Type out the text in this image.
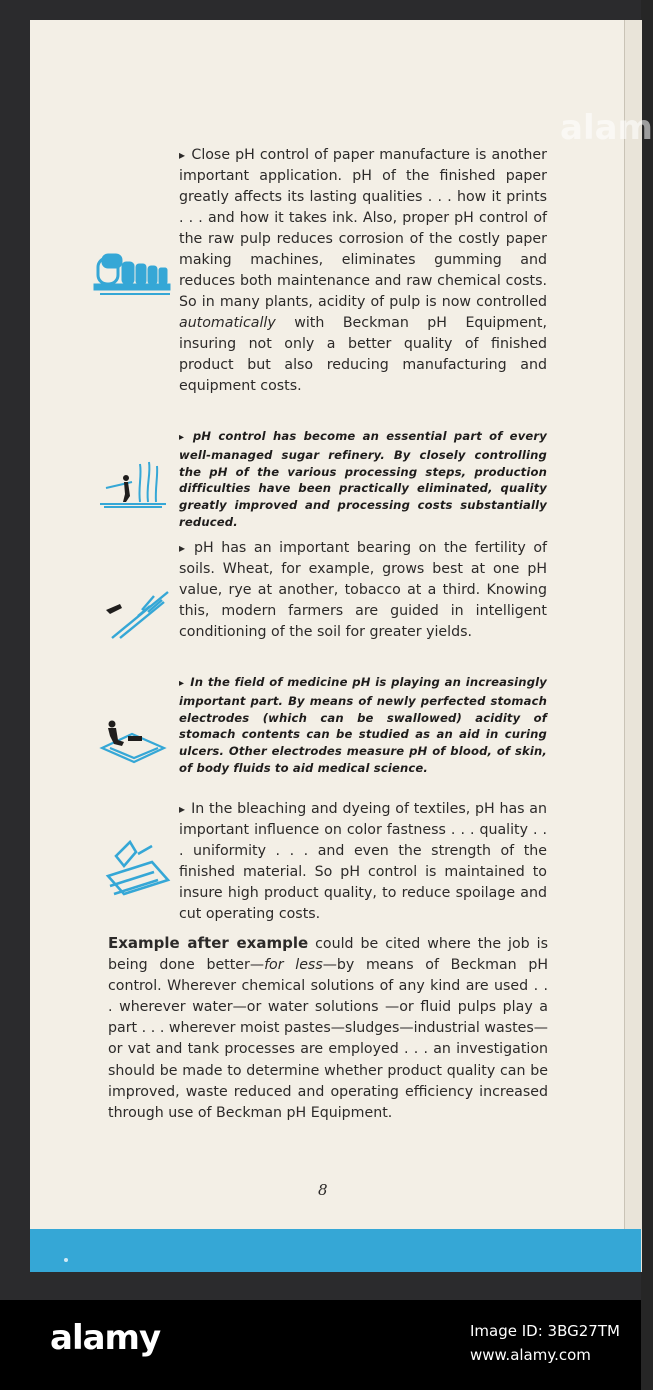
▸ Close pH control of paper manufacture is another important application. pH of the finished paper greatly affects its lasting qualities . . . how it prints . . . and how it takes ink. Also, proper pH control of the raw pulp reduces corrosion of the costly paper making machines, eliminates gumming and reduces both maintenance and raw chemical costs. So in many plants, acidity of pulp is now controlled automatically with Beckman pH Equipment, insuring not only a better quality of finished product but also reducing manufacturing and equipment costs.

▸ pH control has become an essential part of every well-managed sugar refinery. By closely controlling the pH of the various processing steps, production difficulties have been practically eliminated, quality greatly improved and processing costs substantially reduced.

▸ pH has an important bearing on the fertility of soils. Wheat, for example, grows best at one pH value, rye at another, tobacco at a third. Knowing this, modern farmers are guided in intelligent conditioning of the soil for greater yields.

▸ In the field of medicine pH is playing an increasingly important part. By means of newly perfected stomach electrodes (which can be swallowed) acidity of stomach contents can be studied as an aid in curing ulcers. Other electrodes measure pH of blood, of skin, of body fluids to aid medical science.

▸ In the bleaching and dyeing of textiles, pH has an important influence on color fastness . . . quality . . . uniformity . . . and even the strength of the finished material. So pH control is maintained to insure high product quality, to reduce spoilage and cut operating costs.

Example after example could be cited where the job is being done better—for less—by means of Beckman pH control. Wherever chemical solutions of any kind are used . . . wherever water—or water solutions —or fluid pulps play a part . . . wherever moist pastes—sludges—industrial wastes—or vat and tank processes are employed . . . an investigation should be made to determine whether product quality can be improved, waste reduced and operating efficiency increased through use of Beckman pH Equipment.

8
alam
alamy	Image ID: 3BG27TM
www.alamy.com
